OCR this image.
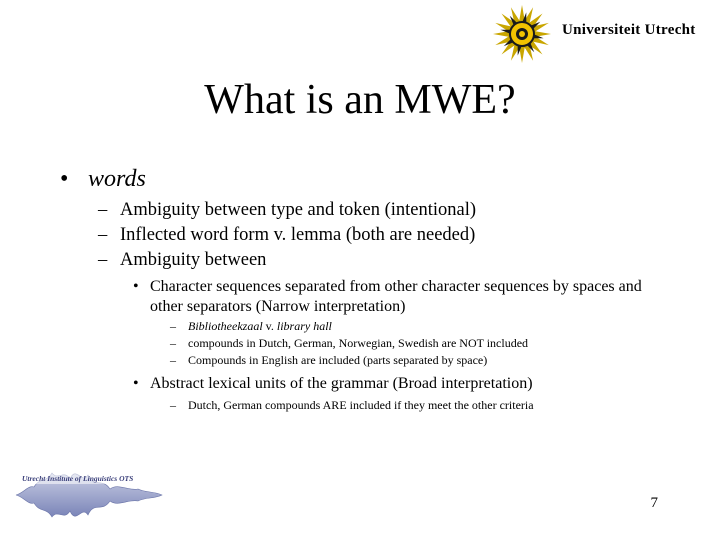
Universiteit Utrecht
What is an MWE?
• words
– Ambiguity between type and token (intentional)
– Inflected word form v. lemma (both are needed)
– Ambiguity between
• Character sequences separated from other character sequences by spaces and other separators (Narrow interpretation)
– Bibliotheekzaal v. library hall
– compounds in Dutch, German, Norwegian, Swedish are NOT included
– Compounds in English are included (parts separated by space)
• Abstract lexical units of the grammar (Broad interpretation)
– Dutch, German compounds ARE included if they meet the other criteria
Utrecht Institute of Linguistics OTS
7
